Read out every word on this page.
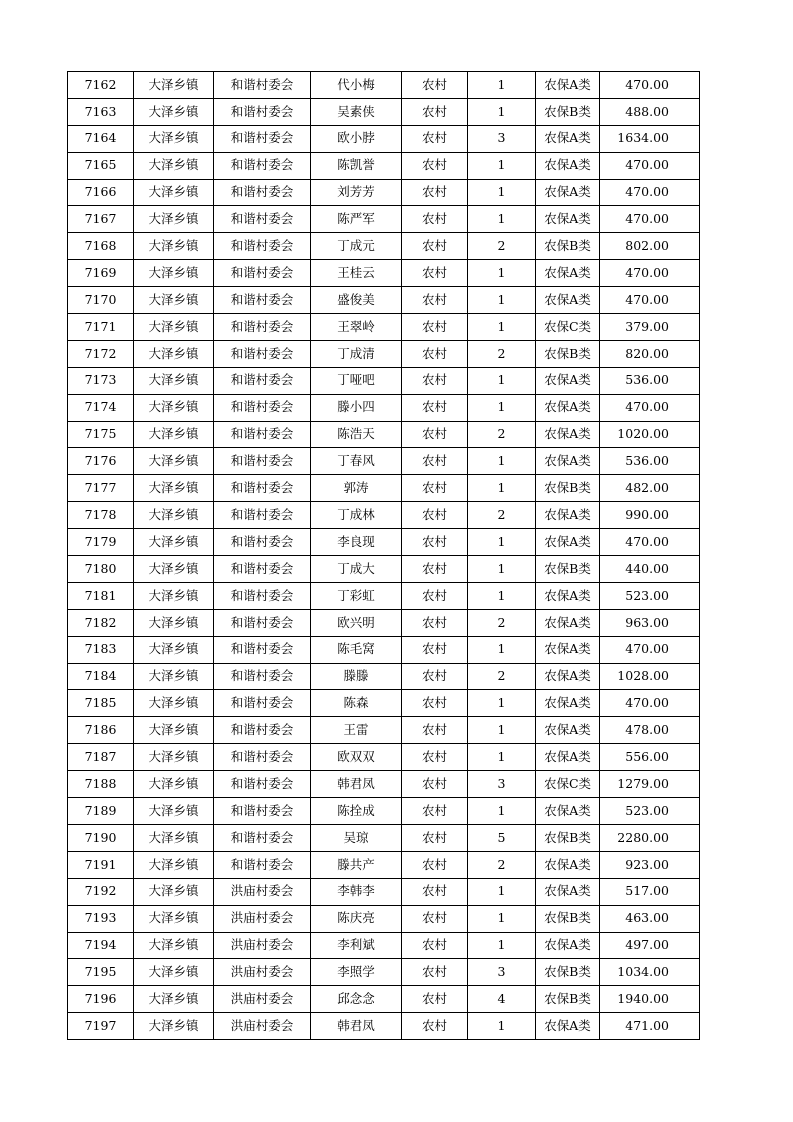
7162	大泽乡镇	和谐村委会	代小梅	农村	1	农保A类	470.00
7163	大泽乡镇	和谐村委会	吴素侠	农村	1	农保B类	488.00
7164	大泽乡镇	和谐村委会	欧小脖	农村	3	农保A类	1634.00
7165	大泽乡镇	和谐村委会	陈凯誉	农村	1	农保A类	470.00
7166	大泽乡镇	和谐村委会	刘芳芳	农村	1	农保A类	470.00
7167	大泽乡镇	和谐村委会	陈严军	农村	1	农保A类	470.00
7168	大泽乡镇	和谐村委会	丁成元	农村	2	农保B类	802.00
7169	大泽乡镇	和谐村委会	王桂云	农村	1	农保A类	470.00
7170	大泽乡镇	和谐村委会	盛俊美	农村	1	农保A类	470.00
7171	大泽乡镇	和谐村委会	王翠岭	农村	1	农保C类	379.00
7172	大泽乡镇	和谐村委会	丁成清	农村	2	农保B类	820.00
7173	大泽乡镇	和谐村委会	丁哑吧	农村	1	农保A类	536.00
7174	大泽乡镇	和谐村委会	滕小四	农村	1	农保A类	470.00
7175	大泽乡镇	和谐村委会	陈浩天	农村	2	农保A类	1020.00
7176	大泽乡镇	和谐村委会	丁春风	农村	1	农保A类	536.00
7177	大泽乡镇	和谐村委会	郭涛	农村	1	农保B类	482.00
7178	大泽乡镇	和谐村委会	丁成林	农村	2	农保A类	990.00
7179	大泽乡镇	和谐村委会	李良现	农村	1	农保A类	470.00
7180	大泽乡镇	和谐村委会	丁成大	农村	1	农保B类	440.00
7181	大泽乡镇	和谐村委会	丁彩虹	农村	1	农保A类	523.00
7182	大泽乡镇	和谐村委会	欧兴明	农村	2	农保A类	963.00
7183	大泽乡镇	和谐村委会	陈毛窝	农村	1	农保A类	470.00
7184	大泽乡镇	和谐村委会	滕滕	农村	2	农保A类	1028.00
7185	大泽乡镇	和谐村委会	陈森	农村	1	农保A类	470.00
7186	大泽乡镇	和谐村委会	王雷	农村	1	农保A类	478.00
7187	大泽乡镇	和谐村委会	欧双双	农村	1	农保A类	556.00
7188	大泽乡镇	和谐村委会	韩君凤	农村	3	农保C类	1279.00
7189	大泽乡镇	和谐村委会	陈拴成	农村	1	农保A类	523.00
7190	大泽乡镇	和谐村委会	吴琼	农村	5	农保B类	2280.00
7191	大泽乡镇	和谐村委会	滕共产	农村	2	农保A类	923.00
7192	大泽乡镇	洪庙村委会	李韩李	农村	1	农保A类	517.00
7193	大泽乡镇	洪庙村委会	陈庆亮	农村	1	农保B类	463.00
7194	大泽乡镇	洪庙村委会	李利斌	农村	1	农保A类	497.00
7195	大泽乡镇	洪庙村委会	李照学	农村	3	农保B类	1034.00
7196	大泽乡镇	洪庙村委会	邱念念	农村	4	农保B类	1940.00
7197	大泽乡镇	洪庙村委会	韩君凤	农村	1	农保A类	471.00
